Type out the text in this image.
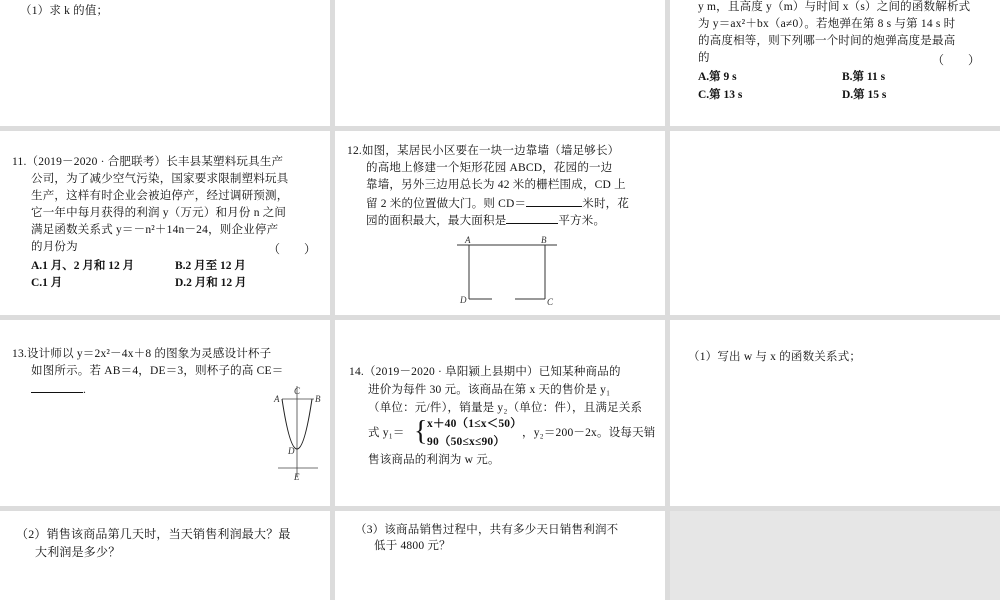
（1）求 k 的值；	y m，且高度 y（m）与时间 x（s）之间的函数解析式
为 y＝ax²＋bx（a≠0）。若炮弹在第 8 s 与第 14 s 时
的高度相等，则下列哪一个时间的炮弹高度是最高
的	（　　）
A.第 9 s	B.第 11 s
C.第 13 s	D.第 15 s
11.（2019－2020 · 合肥联考）长丰县某塑料玩具生产
公司，为了减少空气污染，国家要求限制塑料玩具
生产，这样有时企业会被迫停产，经过调研预测，
它一年中每月获得的利润 y（万元）和月份 n 之间
满足函数关系式 y＝－n²＋14n－24，则企业停产
的月份为	（　　）
A.1 月、2 月和 12 月	B.2 月至 12 月
C.1 月	D.2 月和 12 月
12.如图，某居民小区要在一块一边靠墙（墙足够长）
的高地上修建一个矩形花园 ABCD，花园的一边
靠墙，另外三边用总长为 42 米的栅栏围成，CD 上
留 2 米的位置做大门。则 CD＝	米时，花
园的面积最大，最大面积是	平方米。
A	B
D	C
13.设计师以 y＝2x²－4x＋8 的图象为灵感设计杯子
如图所示。若 AB＝4，DE＝3，则杯子的高 CE＝
.
A	B
C
D
E
14.（2019－2020 · 阜阳颍上县期中）已知某种商品的
进价为每件 30 元。该商品在第 x 天的售价是 y₁
（单位：元/件），销量是 y₂（单位：件），且满足关系
式 y₁＝ { x＋40（1≤x＜50）
90（50≤x≤90）
，y₂＝200－2x。设每天销
售该商品的利润为 w 元。
（1）写出 w 与 x 的函数关系式；
（2）销售该商品第几天时，当天销售利润最大？最
大利润是多少？
（3）该商品销售过程中，共有多少天日销售利润不
低于 4800 元？
